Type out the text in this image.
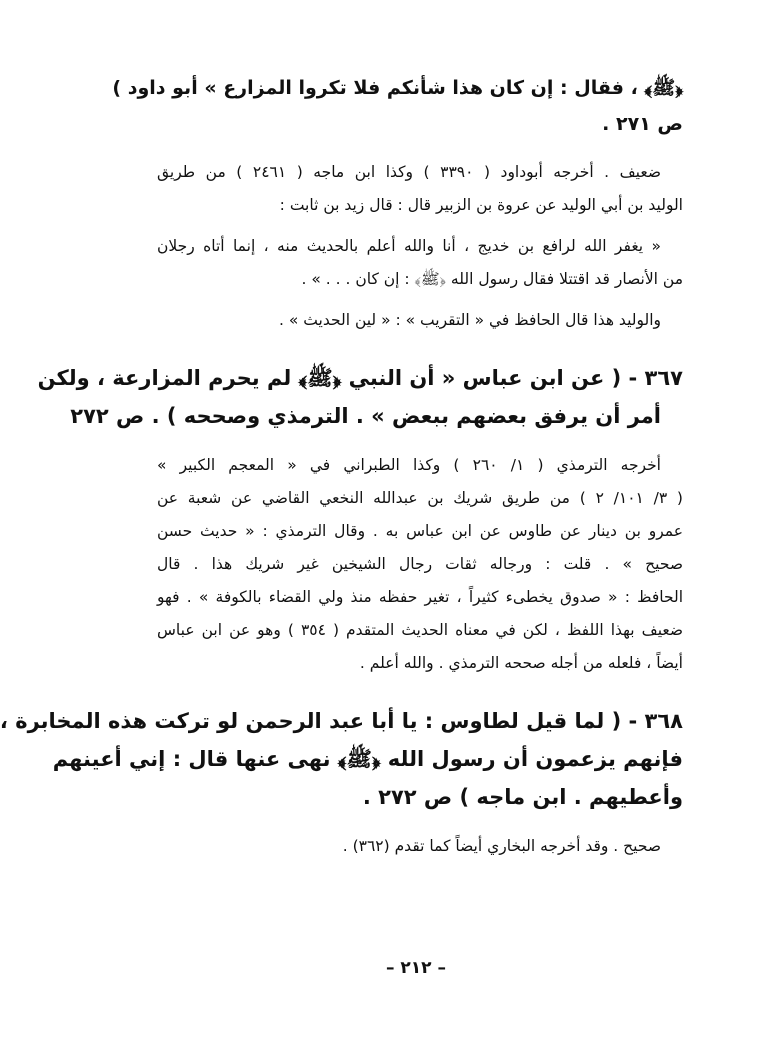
﴿ﷺ﴾ ، فقال : إن كان هذا شأنكم فلا تكروا المزارع » أبو داود )
ص ٢٧١ .
ضعيف . أخرجه أبوداود ( ٣٣٩٠ ) وكذا ابن ماجه ( ٢٤٦١ ) من طريق
الوليد بن أبي الوليد عن عروة بن الزبير قال : قال زيد بن ثابت :
« يغفر الله لرافع بن خديج ، أنا والله أعلم بالحديث منه ، إنما أتاه رجلان
من الأنصار قد اقتتلا فقال رسول الله ﴿ﷺ﴾ : إن كان . . . » .
والوليد هذا قال الحافظ في « التقريب » : « لين الحديث » .
٣٦٧ - ( عن ابن عباس « أن النبي ﴿ﷺ﴾ لم يحرم المزارعة ، ولكن
أمر أن يرفق بعضهم ببعض » . الترمذي وصححه ) . ص ٢٧٢
أخرجه الترمذي ( ١/ ٢٦٠ ) وكذا الطبراني في « المعجم الكبير »
( ٣/ ١٠١/ ٢ ) من طريق شريك بن عبدالله النخعي القاضي عن شعبة عن
عمرو بن دينار عن طاوس عن ابن عباس به . وقال الترمذي : « حديث حسن
صحيح » . قلت : ورجاله ثقات رجال الشيخين غير شريك هذا . قال
الحافظ : « صدوق يخطىء كثيراً ، تغير حفظه منذ ولي القضاء بالكوفة » . فهو
ضعيف بهذا اللفظ ، لكن في معناه الحديث المتقدم ( ٣٥٤ ) وهو عن ابن عباس
أيضاً ، فلعله من أجله صححه الترمذي . والله أعلم .
٣٦٨ - ( لما قيل لطاوس : يا أبا عبد الرحمن لو تركت هذه المخابرة ،
فإنهم يزعمون أن رسول الله ﴿ﷺ﴾ نهى عنها قال : إني أعينهم
وأعطيهم . ابن ماجه ) ص ٢٧٢ .
صحيح . وقد أخرجه البخاري أيضاً كما تقدم (٣٦٢) .
– ٢١٢ –
